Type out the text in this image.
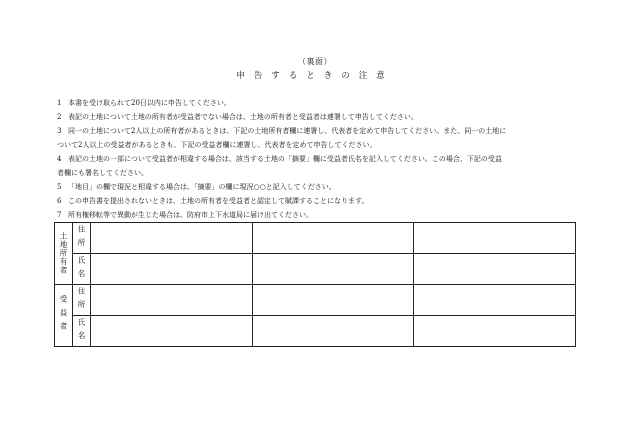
（裏面）
申告するときの注意
1 本書を受け取られて20日以内に申告してください。
2 表記の土地について土地の所有者が受益者でない場合は、土地の所有者と受益者は連署して申告してください。
3 同一の土地について2人以上の所有者があるときは、下記の土地所有者欄に連署し、代表者を定めて申告してください。また、同一の土地に
ついて2人以上の受益者があるときも、下記の受益者欄に連署し、代表者を定めて申告してください。
4 表記の土地の一部について受益者が相違する場合は、該当する土地の「摘要」欄に受益者氏名を記入してください。この場合、下記の受益
者欄にも署名してください。
5 「地目」の欄で現況と相違する場合は、「摘要」の欄に現況○○と記入してください。
6 この申告書を提出されないときは、土地の所有者を受益者と認定して賦課することになります。
7 所有権移転等で異動が生じた場合は、防府市上下水道局に届け出てください。
土地所有者	住所			

	氏名			

受益者	住所			

	氏名			
